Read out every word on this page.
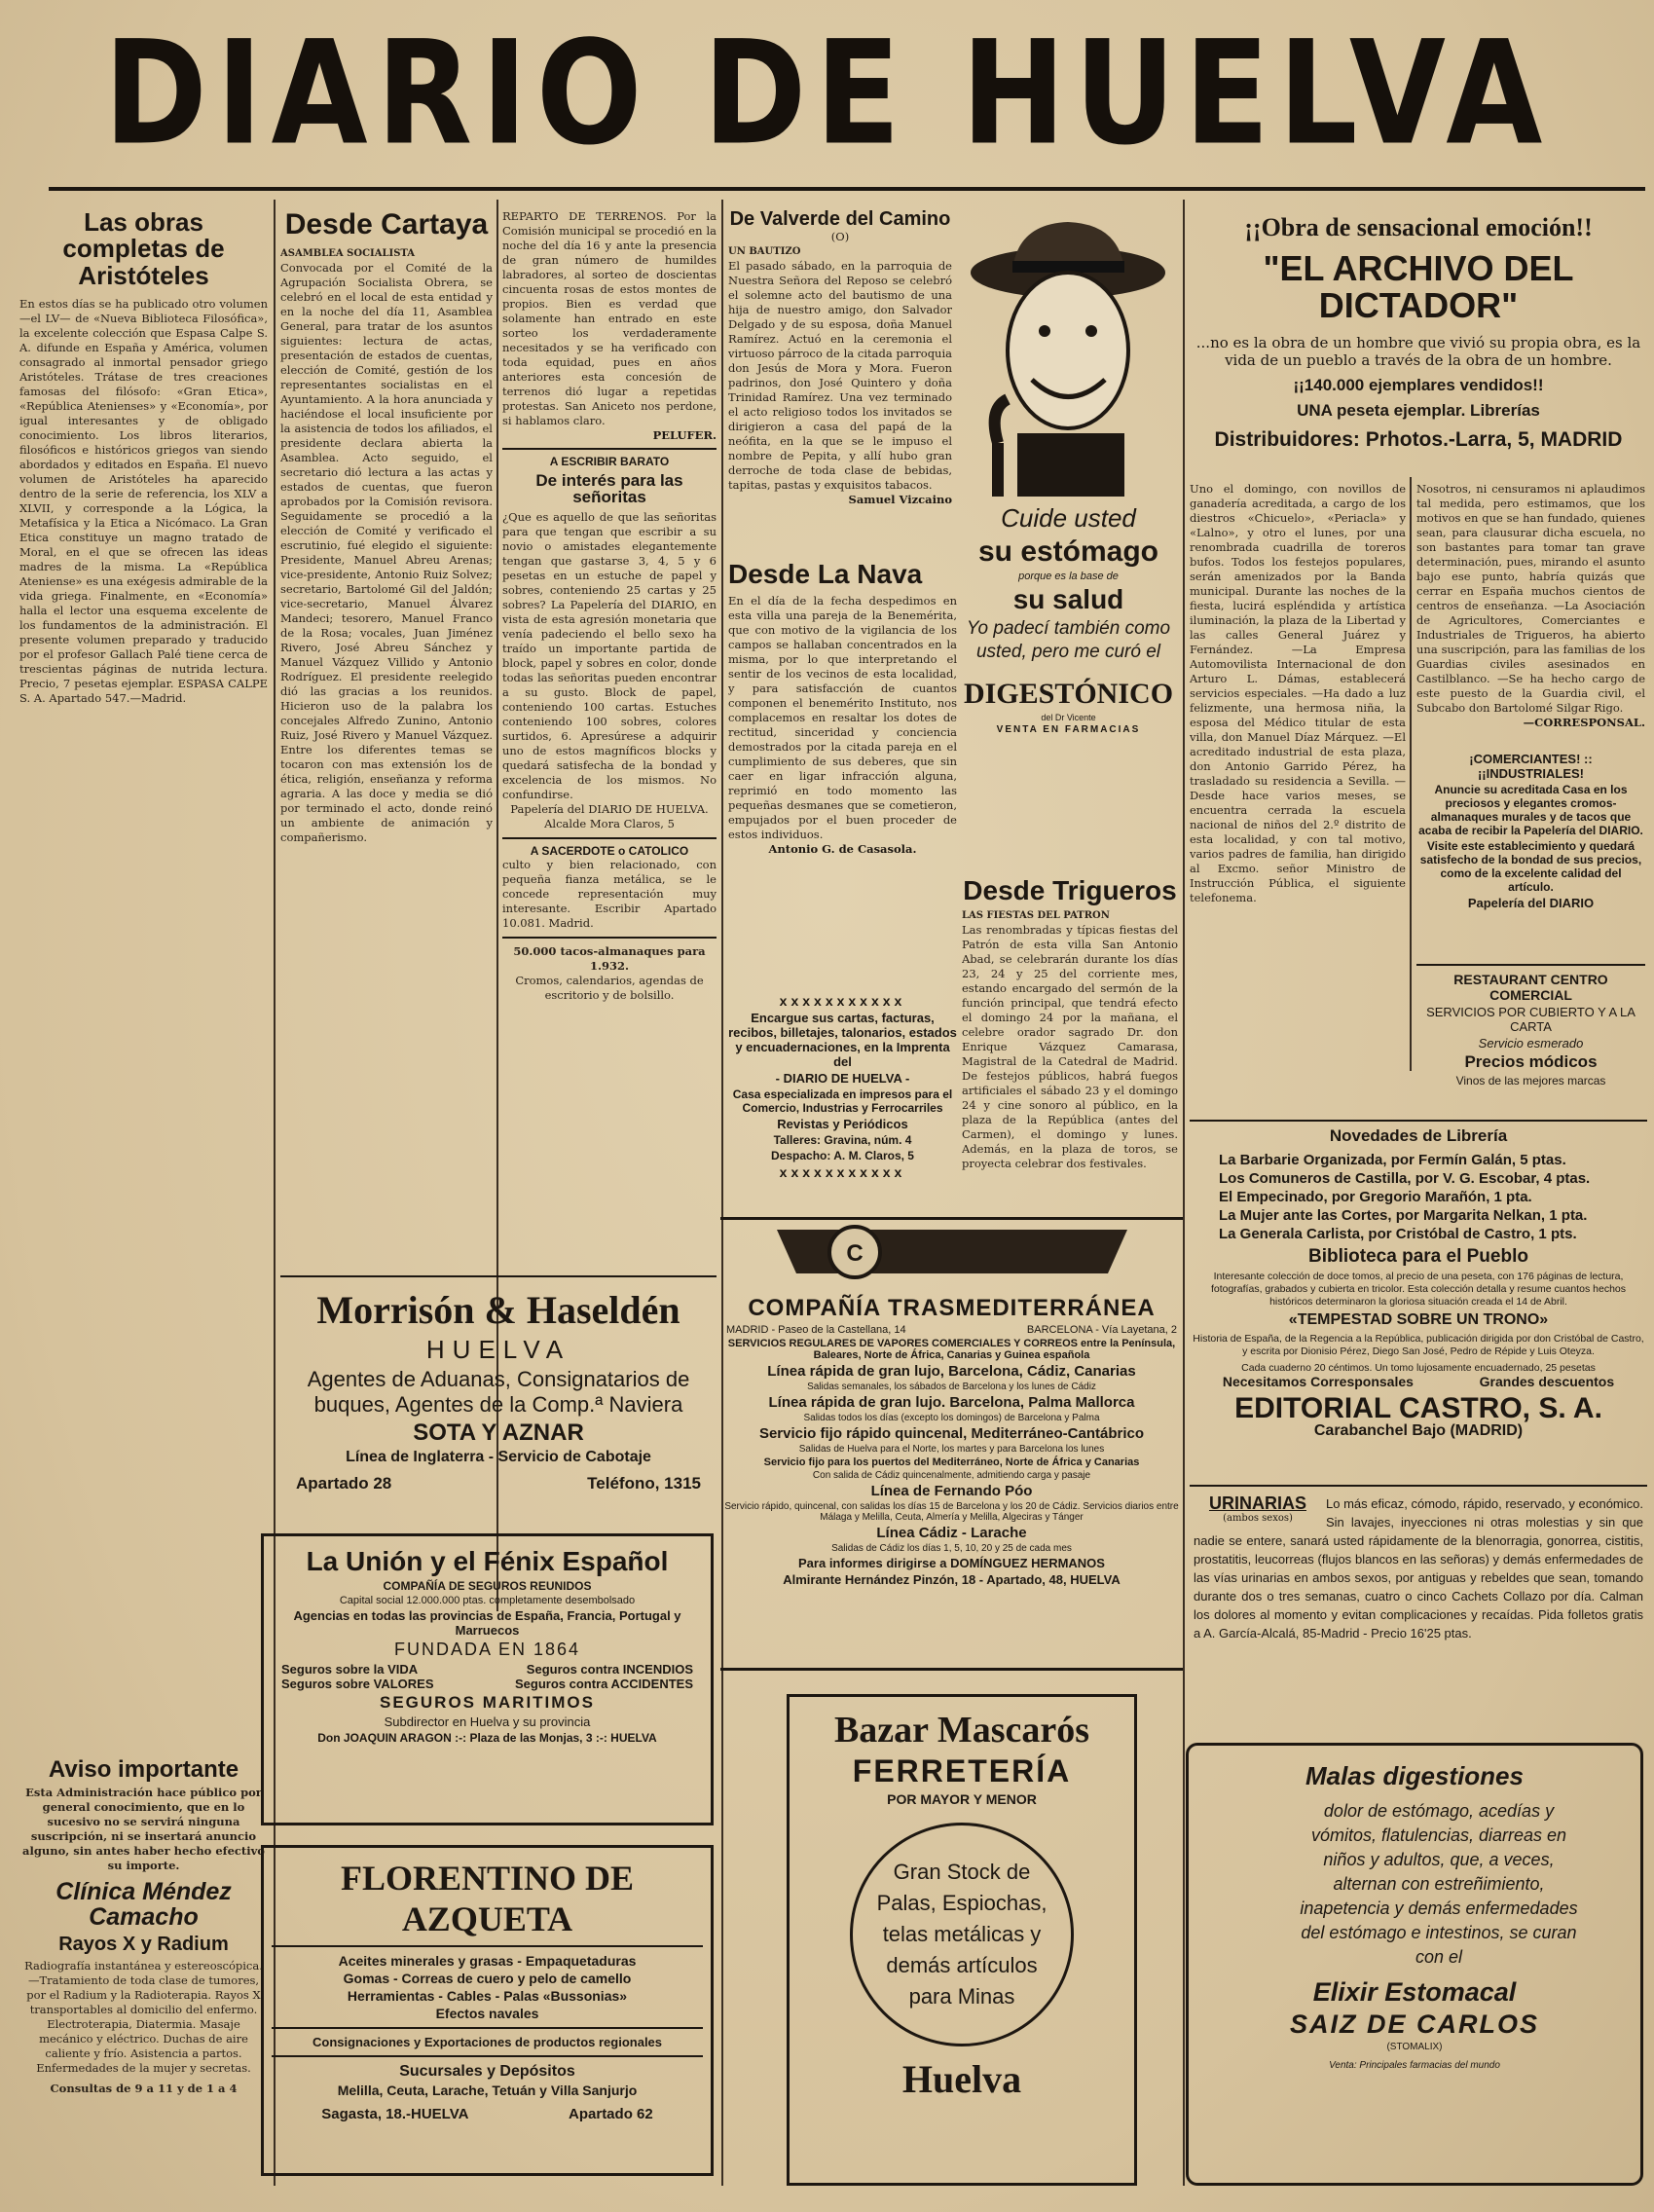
DIARIO DE HUELVA
Las obras completas de Aristóteles
En estos días se ha publicado otro volumen —el LV— de «Nueva Biblioteca Filosófica», la excelente colección que Espasa Calpe S. A. difunde en España y América, volumen consagrado al inmortal pensador griego Aristóteles. Trátase de tres creaciones famosas del filósofo: «Gran Etica», «República Atenienses» y «Economía», por igual interesantes y de obligado conocimiento. Los libros literarios, filosóficos e históricos griegos van siendo abordados y editados en España. El nuevo volumen de Aristóteles ha aparecido dentro de la serie de referencia, los XLV a XLVII, y corresponde a la Lógica, la Metafísica y la Etica a Nicómaco. La Gran Etica constituye un magno tratado de Moral, en el que se ofrecen las ideas madres de la misma. La «República Ateniense» es una exégesis admirable de la vida griega. Finalmente, en «Economía» halla el lector una esquema excelente de los fundamentos de la administración. El presente volumen preparado y traducido por el profesor Gallach Palé tiene cerca de trescientas páginas de nutrida lectura. Precio, 7 pesetas ejemplar. ESPASA CALPE S. A. Apartado 547.—Madrid.
Aviso importante
Esta Administración hace público por general conocimiento, que en lo sucesivo no se servirá ninguna suscripción, ni se insertará anuncio alguno, sin antes haber hecho efectivo su importe.
Clínica Méndez Camacho
Rayos X y Radium
Radiografía instantánea y estereoscópica.—Tratamiento de toda clase de tumores, por el Radium y la Radioterapia. Rayos X transportables al domicilio del enfermo. Electroterapia, Diatermia. Masaje mecánico y eléctrico. Duchas de aire caliente y frío. Asistencia a partos. Enfermedades de la mujer y secretas.
Consultas de 9 a 11 y de 1 a 4
Desde Cartaya
ASAMBLEA SOCIALISTA
Convocada por el Comité de la Agrupación Socialista Obrera, se celebró en el local de esta entidad y en la noche del día 11, Asamblea General, para tratar de los asuntos siguientes: lectura de actas, presentación de estados de cuentas, elección de Comité, gestión de los representantes socialistas en el Ayuntamiento. A la hora anunciada y haciéndose el local insuficiente por la asistencia de todos los afiliados, el presidente declara abierta la Asamblea. Acto seguido, el secretario dió lectura a las actas y estados de cuentas, que fueron aprobados por la Comisión revisora. Seguidamente se procedió a la elección de Comité y verificado el escrutinio, fué elegido el siguiente: Presidente, Manuel Abreu Arenas; vice-presidente, Antonio Ruiz Solvez; secretario, Bartolomé Gil del Jaldón; vice-secretario, Manuel Álvarez Mandeci; tesorero, Manuel Franco de la Rosa; vocales, Juan Jiménez Rivero, José Abreu Sánchez y Manuel Vázquez Villido y Antonio Rodríguez. El presidente reelegido dió las gracias a los reunidos. Hicieron uso de la palabra los concejales Alfredo Zunino, Antonio Ruiz, José Rivero y Manuel Vázquez. Entre los diferentes temas se tocaron con mas extensión los de ética, religión, enseñanza y reforma agraria. A las doce y media se dió por terminado el acto, donde reinó un ambiente de animación y compañerismo.
REPARTO DE TERRENOS. Por la Comisión municipal se procedió en la noche del día 16 y ante la presencia de gran número de humildes labradores, al sorteo de doscientas cincuenta rosas de estos montes de propios. Bien es verdad que solamente han entrado en este sorteo los verdaderamente necesitados y se ha verificado con toda equidad, pues en años anteriores esta concesión de terrenos dió lugar a repetidas protestas. San Aniceto nos perdone, si hablamos claro.
PELUFER.
A ESCRIBIR BARATO
De interés para las señoritas
¿Que es aquello de que las señoritas para que tengan que escribir a su novio o amistades elegantemente tengan que gastarse 3, 4, 5 y 6 pesetas en un estuche de papel y sobres, conteniendo 25 cartas y 25 sobres? La Papelería del DIARIO, en vista de esta agresión monetaria que venía padeciendo el bello sexo ha traído un importante partida de block, papel y sobres en color, donde todas las señoritas pueden encontrar a su gusto. Block de papel, conteniendo 100 cartas. Estuches conteniendo 100 sobres, colores surtidos, 6. Apresúrese a adquirir uno de estos magníficos blocks y quedará satisfecha de la bondad y excelencia de los mismos. No confundirse.
Papelería del DIARIO DE HUELVA. Alcalde Mora Claros, 5
A SACERDOTE o CATOLICO
culto y bien relacionado, con pequeña fianza metálica, se le concede representación muy interesante. Escribir Apartado 10.081. Madrid.
50.000 tacos-almanaques para 1.932.
Cromos, calendarios, agendas de escritorio y de bolsillo.

Morrisón & Haseldén

HUELVA

Agentes de Aduanas, Consignatarios de buques, Agentes de la Comp.ª Naviera

SOTA Y AZNAR

Línea de Inglaterra - Servicio de Cabotaje

Apartado 28	Teléfono, 1315

La Unión y el Fénix Español

COMPAÑÍA DE SEGUROS REUNIDOS

Capital social 12.000.000 ptas. completamente desembolsado

Agencias en todas las provincias de España, Francia, Portugal y Marruecos

FUNDADA EN 1864

Seguros sobre la VIDA	Seguros contra INCENDIOS
Seguros sobre VALORES	Seguros contra ACCIDENTES

SEGUROS MARITIMOS

Subdirector en Huelva y su provincia

Don JOAQUIN ARAGON :-: Plaza de las Monjas, 3 :-: HUELVA

FLORENTINO DE AZQUETA

Aceites minerales y grasas - Empaquetaduras

Gomas - Correas de cuero y pelo de camello

Herramientas - Cables - Palas «Bussonias»

Efectos navales

Consignaciones y Exportaciones de productos regionales

Sucursales y Depósitos

Melilla, Ceuta, Larache, Tetuán y Villa Sanjurjo

Sagasta, 18.-HUELVA	Apartado 62
De Valverde del Camino
(O)
UN BAUTIZO
El pasado sábado, en la parroquia de Nuestra Señora del Reposo se celebró el solemne acto del bautismo de una hija de nuestro amigo, don Salvador Delgado y de su esposa, doña Manuel Ramírez. Actuó en la ceremonia el virtuoso párroco de la citada parroquia don Jesús de Mora y Mora. Fueron padrinos, don José Quintero y doña Trinidad Ramírez. Una vez terminado el acto religioso todos los invitados se dirigieron a casa del papá de la neófita, en la que se le impuso el nombre de Pepita, y allí hubo gran derroche de toda clase de bebidas, tapitas, pastas y exquisitos tabacos.
Samuel Vizcaino
Desde La Nava
En el día de la fecha despedimos en esta villa una pareja de la Benemérita, que con motivo de la vigilancia de los campos se hallaban concentrados en la misma, por lo que interpretando el sentir de los vecinos de esta localidad, y para satisfacción de cuantos componen el benemérito Instituto, nos complacemos en resaltar los dotes de rectitud, sinceridad y conciencia demostrados por la citada pareja en el cumplimiento de sus deberes, que sin caer en ligar infracción alguna, reprimió en todo momento las pequeñas desmanes que se cometieron, empujados por el buen proceder de estos individuos.
Antonio G. de Casasola.

Cuide usted

su estómago

porque es la base de

su salud

Yo padecí también como usted, pero me curó el

DIGESTÓNICO

del Dr Vicente

VENTA EN FARMACIAS

xxxxxxxxxxx

Encargue sus cartas, facturas, recibos, billetajes, talonarios, estados y encuadernaciones, en la Imprenta del

- DIARIO DE HUELVA -

Casa especializada en impresos para el Comercio, Industrias y Ferrocarriles

Revistas y Periódicos

Talleres: Gravina, núm. 4

Despacho: A. M. Claros, 5

xxxxxxxxxxx
Desde Trigueros
LAS FIESTAS DEL PATRON
Las renombradas y típicas fiestas del Patrón de esta villa San Antonio Abad, se celebrarán durante los días 23, 24 y 25 del corriente mes, estando encargado del sermón de la función principal, que tendrá efecto el domingo 24 por la mañana, el celebre orador sagrado Dr. don Enrique Vázquez Camarasa, Magistral de la Catedral de Madrid. De festejos públicos, habrá fuegos artificiales el sábado 23 y el domingo 24 y cine sonoro al público, en la plaza de la República (antes del Carmen), el domingo y lunes. Además, en la plaza de toros, se proyecta celebrar dos festivales.
C

COMPAÑÍA TRASMEDITERRÁNEA

MADRID - Paseo de la Castellana, 14	BARCELONA - Vía Layetana, 2

SERVICIOS REGULARES DE VAPORES COMERCIALES Y CORREOS entre la Península, Baleares, Norte de África, Canarias y Guinea española

Línea rápida de gran lujo, Barcelona, Cádiz, Canarias

Salidas semanales, los sábados de Barcelona y los lunes de Cádiz

Línea rápida de gran lujo. Barcelona, Palma Mallorca

Salidas todos los días (excepto los domingos) de Barcelona y Palma

Servicio fijo rápido quincenal, Mediterráneo-Cantábrico

Salidas de Huelva para el Norte, los martes y para Barcelona los lunes

Servicio fijo para los puertos del Mediterráneo, Norte de África y Canarias

Con salida de Cádiz quincenalmente, admitiendo carga y pasaje

Línea de Fernando Póo

Servicio rápido, quincenal, con salidas los días 15 de Barcelona y los 20 de Cádiz. Servicios diarios entre Málaga y Melilla, Ceuta, Almería y Melilla, Algeciras y Tánger

Línea Cádiz - Larache

Salidas de Cádiz los días 1, 5, 10, 20 y 25 de cada mes

Para informes dirigirse a DOMÍNGUEZ HERMANOS

Almirante Hernández Pinzón, 18 - Apartado, 48, HUELVA

Bazar Mascarós

FERRETERÍA

POR MAYOR Y MENOR

Gran Stock de Palas, Espiochas, telas metálicas y demás artículos para Minas

Huelva

¡¡Obra de sensacional emoción!!
"EL ARCHIVO DEL DICTADOR"
...no es la obra de un hombre que vivió su propia obra, es la vida de un pueblo a través de la obra de un hombre.
¡¡140.000 ejemplares vendidos!!
UNA peseta ejemplar. Librerías
Distribuidores: Prhotos.-Larra, 5, MADRID
Uno el domingo, con novillos de ganadería acreditada, a cargo de los diestros «Chicuelo», «Periacla» y «Lalno», y otro el lunes, por una renombrada cuadrilla de toreros bufos. Todos los festejos populares, serán amenizados por la Banda municipal. Durante las noches de la fiesta, lucirá espléndida y artística iluminación, la plaza de la Libertad y las calles General Juárez y Fernández. —La Empresa Automovilista Internacional de don Arturo L. Dámas, establecerá servicios especiales. —Ha dado a luz felizmente, una hermosa niña, la esposa del Médico titular de esta villa, don Manuel Díaz Márquez. —El acreditado industrial de esta plaza, don Antonio Garrido Pérez, ha trasladado su residencia a Sevilla. —Desde hace varios meses, se encuentra cerrada la escuela nacional de niños del 2.º distrito de esta localidad, y con tal motivo, varios padres de familia, han dirigido al Excmo. señor Ministro de Instrucción Pública, el siguiente telefonema.
Nosotros, ni censuramos ni aplaudimos tal medida, pero estimamos, que los motivos en que se han fundado, quienes sean, para clausurar dicha escuela, no son bastantes para tomar tan grave determinación, pues, mirando el asunto bajo ese punto, habría quizás que cerrar en España muchos cientos de centros de enseñanza. —La Asociación de Agricultores, Comerciantes e Industriales de Trigueros, ha abierto una suscripción, para las familias de los Guardias civiles asesinados en Castilblanco. —Se ha hecho cargo de este puesto de la Guardia civil, el Subcabo don Bartolomé Silgar Rigo.
—CORRESPONSAL.

¡COMERCIANTES! :: ¡¡INDUSTRIALES!

Anuncie su acreditada Casa en los preciosos y elegantes cromos-almanaques murales y de tacos que acaba de recibir la Papelería del DIARIO.

Visite este establecimiento y quedará satisfecho de la bondad de sus precios, como de la excelente calidad del artículo.

Papelería del DIARIO

RESTAURANT CENTRO COMERCIAL

SERVICIOS POR CUBIERTO Y A LA CARTA

Servicio esmerado

Precios módicos

Vinos de las mejores marcas

Novedades de Librería
La Barbarie Organizada, por Fermín Galán, 5 ptas.
Los Comuneros de Castilla, por V. G. Escobar, 4 ptas.
El Empecinado, por Gregorio Marañón, 1 pta.
La Mujer ante las Cortes, por Margarita Nelkan, 1 pta.
La Generala Carlista, por Cristóbal de Castro, 1 pts.
Biblioteca para el Pueblo
Interesante colección de doce tomos, al precio de una peseta, con 176 páginas de lectura, fotografías, grabados y cubierta en tricolor. Esta colección detalla y resume cuantos hechos históricos determinaron la gloriosa situación creada el 14 de Abril.
«TEMPESTAD SOBRE UN TRONO»
Historia de España, de la Regencia a la República, publicación dirigida por don Cristóbal de Castro, y escrita por Dionisio Pérez, Diego San José, Pedro de Répide y Luis Oteyza.
Cada cuaderno 20 céntimos. Un tomo lujosamente encuadernado, 25 pesetas
Necesitamos Corresponsales	Grandes descuentos
EDITORIAL CASTRO, S. A.
Carabanchel Bajo (MADRID)
URINARIAS
(ambos sexos)
Lo más eficaz, cómodo, rápido, reservado, y económico. Sin lavajes, inyecciones ni otras molestias y sin que nadie se entere, sanará usted rápidamente de la blenorragia, gonorrea, cistitis, prostatitis, leucorreas (flujos blancos en las señoras) y demás enfermedades de las vías urinarias en ambos sexos, por antiguas y rebeldes que sean, tomando durante dos o tres semanas, cuatro o cinco Cachets Collazo por día. Calman los dolores al momento y evitan complicaciones y recaídas. Pida folletos gratis a A. García-Alcalá, 85-Madrid - Precio 16'25 ptas.

Malas digestiones

dolor de estómago, acedías y vómitos, flatulencias, diarreas en niños y adultos, que, a veces, alternan con estreñimiento, inapetencia y demás enfermedades del estómago e intestinos, se curan con el

Elixir Estomacal

SAIZ DE CARLOS

(STOMALIX)

Venta: Principales farmacias del mundo
